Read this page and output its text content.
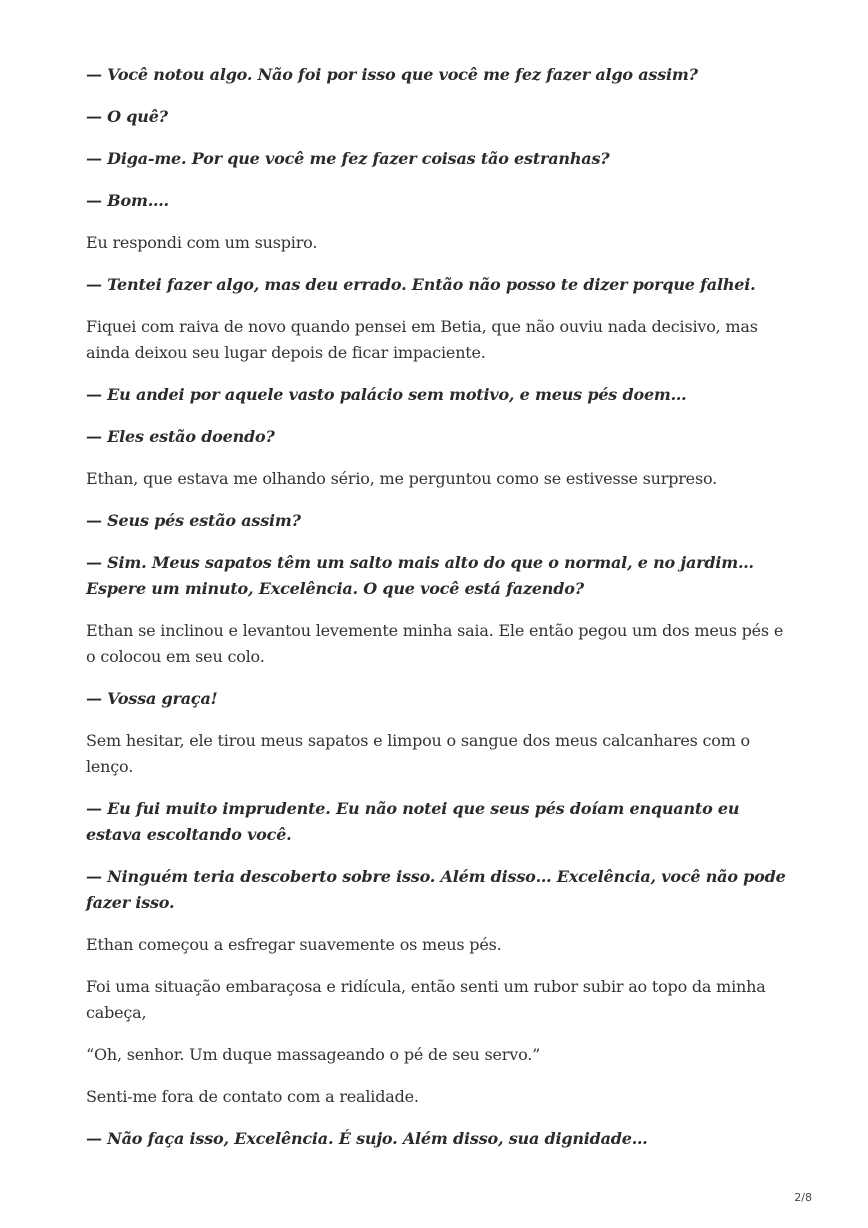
— Você notou algo. Não foi por isso que você me fez fazer algo assim?

— O quê?

— Diga-me. Por que você me fez fazer coisas tão estranhas?

— Bom….

Eu respondi com um suspiro.

— Tentei fazer algo, mas deu errado. Então não posso te dizer porque falhei.

Fiquei com raiva de novo quando pensei em Betia, que não ouviu nada decisivo, mas ainda deixou seu lugar depois de ficar impaciente.

— Eu andei por aquele vasto palácio sem motivo, e meus pés doem…

— Eles estão doendo?

Ethan, que estava me olhando sério, me perguntou como se estivesse surpreso.

— Seus pés estão assim?

— Sim. Meus sapatos têm um salto mais alto do que o normal, e no jardim… Espere um minuto, Excelência. O que você está fazendo?

Ethan se inclinou e levantou levemente minha saia. Ele então pegou um dos meus pés e o colocou em seu colo.

— Vossa graça!

Sem hesitar, ele tirou meus sapatos e limpou o sangue dos meus calcanhares com o lenço.

— Eu fui muito imprudente. Eu não notei que seus pés doíam enquanto eu estava escoltando você.

— Ninguém teria descoberto sobre isso. Além disso… Excelência, você não pode fazer isso.

Ethan começou a esfregar suavemente os meus pés.

Foi uma situação embaraçosa e ridícula, então senti um rubor subir ao topo da minha cabeça,

“Oh, senhor. Um duque massageando o pé de seu servo.”

Senti-me fora de contato com a realidade.

— Não faça isso, Excelência. É sujo. Além disso, sua dignidade…

2/8
